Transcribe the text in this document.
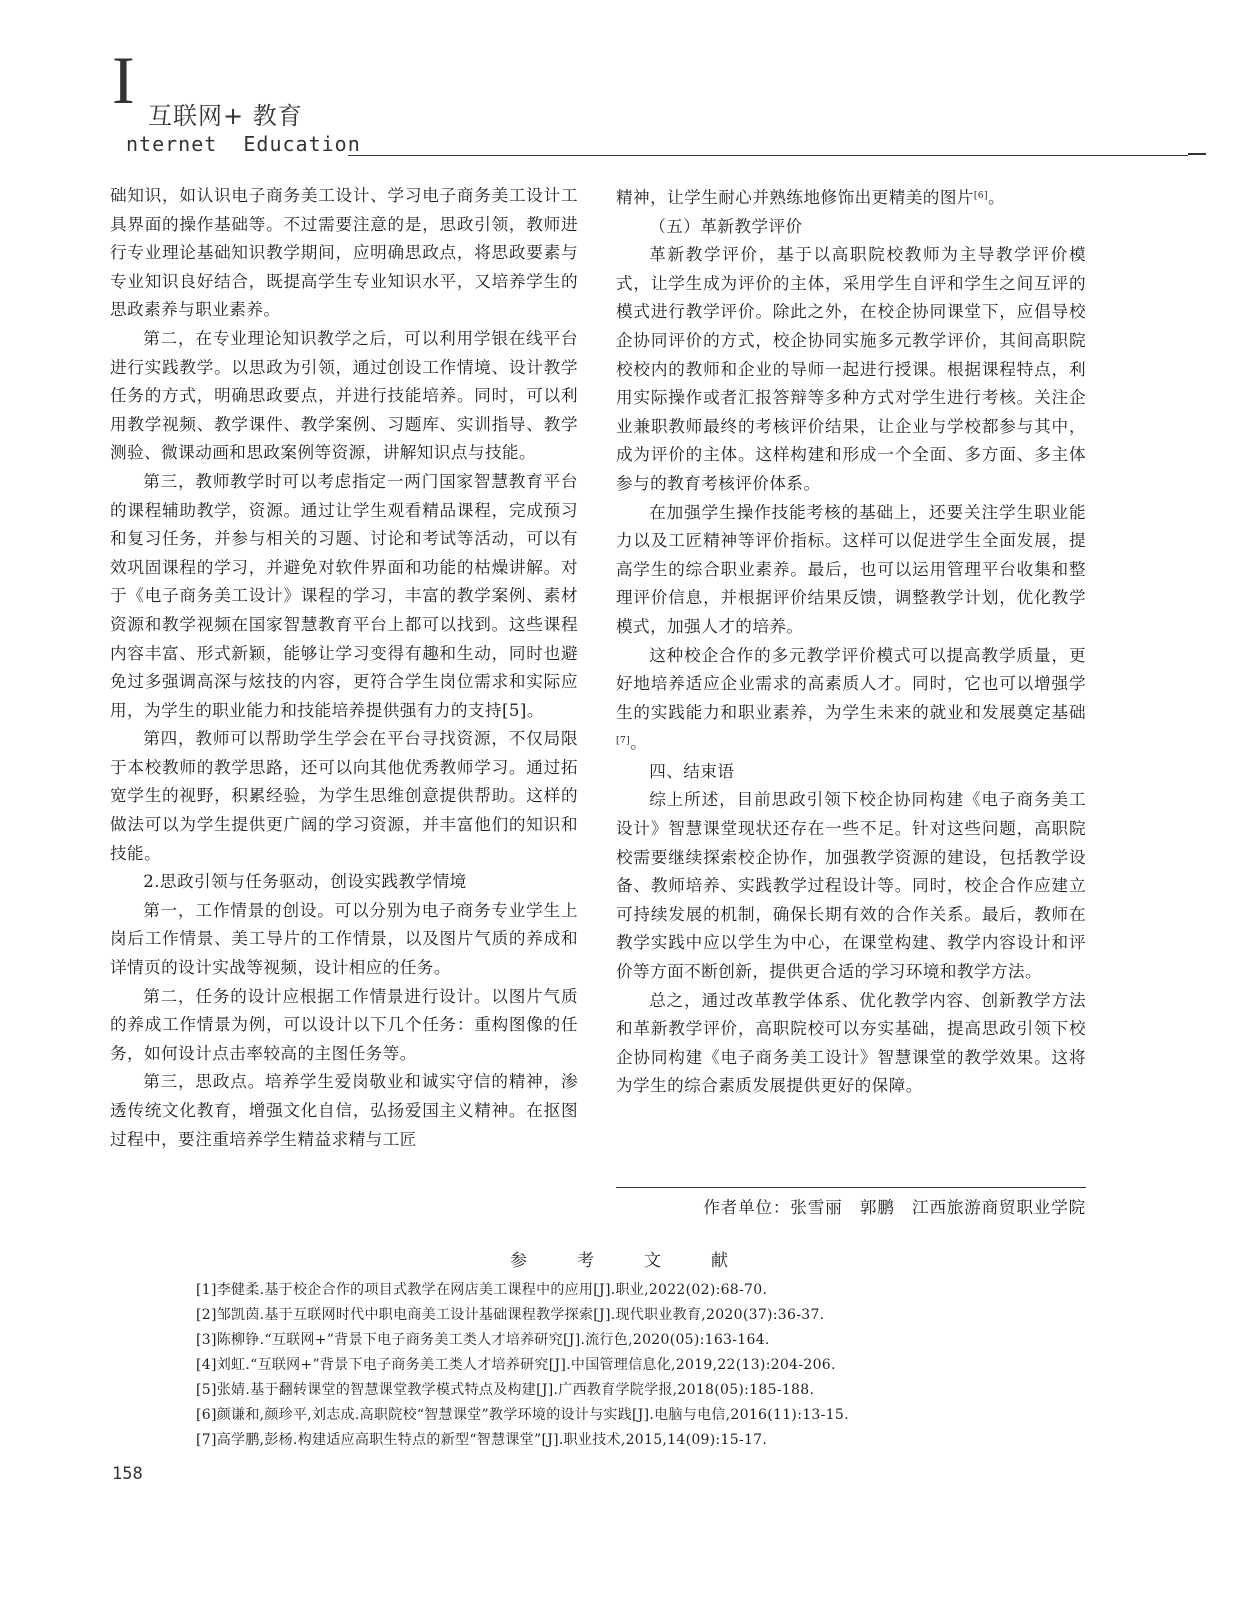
I 互联网+ 教育
nternet  Education

础知识，如认识电子商务美工设计、学习电子商务美工设计工具界面的操作基础等。不过需要注意的是，思政引领，教师进行专业理论基础知识教学期间，应明确思政点，将思政要素与专业知识良好结合，既提高学生专业知识水平，又培养学生的思政素养与职业素养。

第二，在专业理论知识教学之后，可以利用学银在线平台进行实践教学。以思政为引领，通过创设工作情境、设计教学任务的方式，明确思政要点，并进行技能培养。同时，可以利用教学视频、教学课件、教学案例、习题库、实训指导、教学测验、微课动画和思政案例等资源，讲解知识点与技能。

第三，教师教学时可以考虑指定一两门国家智慧教育平台的课程辅助教学，资源。通过让学生观看精品课程，完成预习和复习任务，并参与相关的习题、讨论和考试等活动，可以有效巩固课程的学习，并避免对软件界面和功能的枯燥讲解。对于《电子商务美工设计》课程的学习，丰富的教学案例、素材资源和教学视频在国家智慧教育平台上都可以找到。这些课程内容丰富、形式新颖，能够让学习变得有趣和生动，同时也避免过多强调高深与炫技的内容，更符合学生岗位需求和实际应用，为学生的职业能力和技能培养提供强有力的支持[5]。

第四，教师可以帮助学生学会在平台寻找资源，不仅局限于本校教师的教学思路，还可以向其他优秀教师学习。通过拓宽学生的视野，积累经验，为学生思维创意提供帮助。这样的做法可以为学生提供更广阔的学习资源，并丰富他们的知识和技能。

2.思政引领与任务驱动，创设实践教学情境

第一，工作情景的创设。可以分别为电子商务专业学生上岗后工作情景、美工导片的工作情景，以及图片气质的养成和详情页的设计实战等视频，设计相应的任务。

第二，任务的设计应根据工作情景进行设计。以图片气质的养成工作情景为例，可以设计以下几个任务：重构图像的任务，如何设计点击率较高的主图任务等。

第三，思政点。培养学生爱岗敬业和诚实守信的精神，渗透传统文化教育，增强文化自信，弘扬爱国主义精神。在抠图过程中，要注重培养学生精益求精与工匠

精神，让学生耐心并熟练地修饰出更精美的图片[6]。

（五）革新教学评价

革新教学评价，基于以高职院校教师为主导教学评价模式，让学生成为评价的主体，采用学生自评和学生之间互评的模式进行教学评价。除此之外，在校企协同课堂下，应倡导校企协同评价的方式，校企协同实施多元教学评价，其间高职院校校内的教师和企业的导师一起进行授课。根据课程特点，利用实际操作或者汇报答辩等多种方式对学生进行考核。关注企业兼职教师最终的考核评价结果，让企业与学校都参与其中，成为评价的主体。这样构建和形成一个全面、多方面、多主体参与的教育考核评价体系。

在加强学生操作技能考核的基础上，还要关注学生职业能力以及工匠精神等评价指标。这样可以促进学生全面发展，提高学生的综合职业素养。最后，也可以运用管理平台收集和整理评价信息，并根据评价结果反馈，调整教学计划，优化教学模式，加强人才的培养。

这种校企合作的多元教学评价模式可以提高教学质量，更好地培养适应企业需求的高素质人才。同时，它也可以增强学生的实践能力和职业素养，为学生未来的就业和发展奠定基础[7]。

四、结束语

综上所述，目前思政引领下校企协同构建《电子商务美工设计》智慧课堂现状还存在一些不足。针对这些问题，高职院校需要继续探索校企协作，加强教学资源的建设，包括教学设备、教师培养、实践教学过程设计等。同时，校企合作应建立可持续发展的机制，确保长期有效的合作关系。最后，教师在教学实践中应以学生为中心，在课堂构建、教学内容设计和评价等方面不断创新，提供更合适的学习环境和教学方法。

总之，通过改革教学体系、优化教学内容、创新教学方法和革新教学评价，高职院校可以夯实基础，提高思政引领下校企协同构建《电子商务美工设计》智慧课堂的教学效果。这将为学生的综合素质发展提供更好的保障。

作者单位：张雪丽　郭鹏　江西旅游商贸职业学院
参考文献

[1]李健柔.基于校企合作的项目式教学在网店美工课程中的应用[J].职业,2022(02):68-70.

[2]邹凯茵.基于互联网时代中职电商美工设计基础课程教学探索[J].现代职业教育,2020(37):36-37.

[3]陈柳铮.“互联网+”背景下电子商务美工类人才培养研究[J].流行色,2020(05):163-164.

[4]刘虹.“互联网+”背景下电子商务美工类人才培养研究[J].中国管理信息化,2019,22(13):204-206.

[5]张婧.基于翻转课堂的智慧课堂教学模式特点及构建[J].广西教育学院学报,2018(05):185-188.

[6]颜谦和,颜珍平,刘志成.高职院校“智慧课堂”教学环境的设计与实践[J].电脑与电信,2016(11):13-15.

[7]高学鹏,彭杨.构建适应高职生特点的新型“智慧课堂”[J].职业技术,2015,14(09):15-17.

158
